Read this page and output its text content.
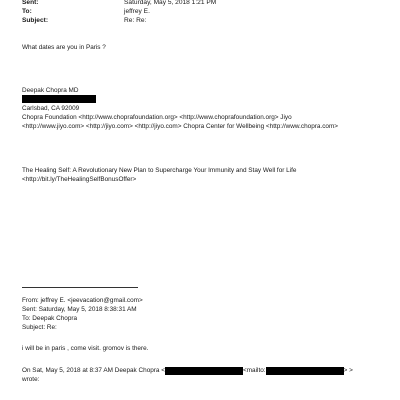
Sent:	Saturday, May 5, 2018 1:21 PM
To:	jeffrey E.
Subject:	Re: Re:
What dates are you in Paris ?
Deepak Chopra MD
Carlsbad, CA 92009
Chopra Foundation <http://www.choprafoundation.org> <http://www.choprafoundation.org> Jiyo
<http://www.jiyo.com> <http://jiyo.com> <http://jiyo.com> Chopra Center for Wellbeing <http://www.chopra.com>
The Healing Self: A Revolutionary New Plan to Supercharge Your Immunity and Stay Well for Life
<http://bit.ly/TheHealingSelfBonusOffer>
From: jeffrey E. <jeevacation@gmail.com>
Sent: Saturday, May 5, 2018 8:38:31 AM
To: Deepak Chopra
Subject: Re:
i will be in paris , come visit. gromov is there.
On Sat, May 5, 2018 at 8:37 AM Deepak Chopra <	<mailto:	> >
wrote:
